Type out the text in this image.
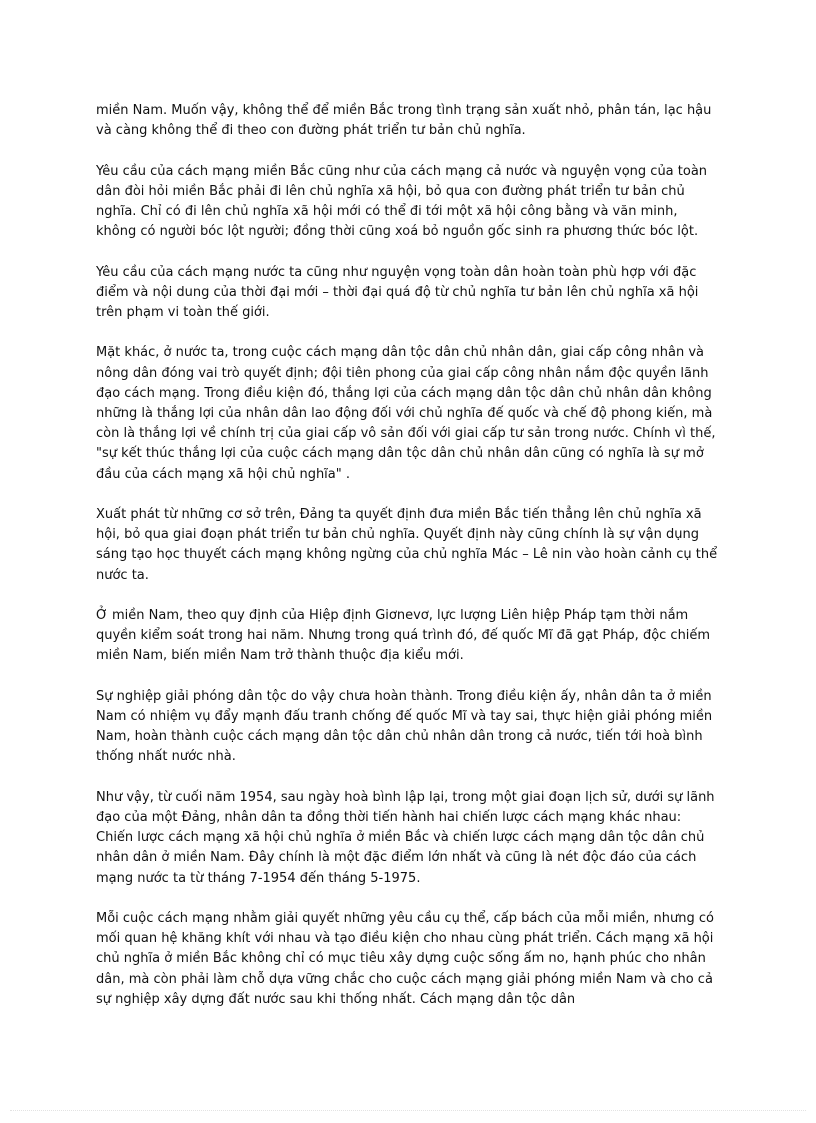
miền Nam. Muốn vậy, không thể để miền Bắc trong tình trạng sản xuất nhỏ, phân tán, lạc hậu và càng không thể đi theo con đường phát triển tư bản chủ nghĩa.

Yêu cầu của cách mạng miền Bắc cũng như của cách mạng cả nước và nguyện vọng của toàn dân đòi hỏi miền Bắc phải đi lên chủ nghĩa xã hội, bỏ qua con đường phát triển tư bản chủ nghĩa. Chỉ có đi lên chủ nghĩa xã hội mới có thể đi tới một xã hội công bằng và văn minh, không có người bóc lột người; đồng thời cũng xoá bỏ nguồn gốc sinh ra phương thức bóc lột.

Yêu cầu của cách mạng nước ta cũng như nguyện vọng toàn dân hoàn toàn phù hợp với đặc điểm và nội dung của thời đại mới – thời đại quá độ từ chủ nghĩa tư bản lên chủ nghĩa xã hội trên phạm vi toàn thế giới.

Mặt khác, ở nước ta, trong cuộc cách mạng dân tộc dân chủ nhân dân, giai cấp công nhân và nông dân đóng vai trò quyết định; đội tiên phong của giai cấp công nhân nắm độc quyền lãnh đạo cách mạng. Trong điều kiện đó, thắng lợi của cách mạng dân tộc dân chủ nhân dân không những là thắng lợi của nhân dân lao động đối với chủ nghĩa đế quốc và chế độ phong kiến, mà còn là thắng lợi về chính trị của giai cấp vô sản đối với giai cấp tư sản trong nước. Chính vì thế, "sự kết thúc thắng lợi của cuộc cách mạng dân tộc dân chủ nhân dân cũng có nghĩa là sự mở đầu của cách mạng xã hội chủ nghĩa" .

Xuất phát từ những cơ sở trên, Đảng ta quyết định đưa miền Bắc tiến thẳng lên chủ nghĩa xã hội, bỏ qua giai đoạn phát triển tư bản chủ nghĩa. Quyết định này cũng chính là sự vận dụng sáng tạo học thuyết cách mạng không ngừng của chủ nghĩa Mác – Lê nin vào hoàn cảnh cụ thể nước ta.

Ở miền Nam, theo quy định của Hiệp định Giơnevơ, lực lượng Liên hiệp Pháp tạm thời nắm quyền kiểm soát trong hai năm. Nhưng trong quá trình đó, đế quốc Mĩ đã gạt Pháp, độc chiếm miền Nam, biến miền Nam trở thành thuộc địa kiểu mới.

Sự nghiệp giải phóng dân tộc do vậy chưa hoàn thành. Trong điều kiện ấy, nhân dân ta ở miền Nam có nhiệm vụ đẩy mạnh đấu tranh chống đế quốc Mĩ và tay sai, thực hiện giải phóng miền Nam, hoàn thành cuộc cách mạng dân tộc dân chủ nhân dân trong cả nước, tiến tới hoà bình thống nhất nước nhà.

Như vậy, từ cuối năm 1954, sau ngày hoà bình lập lại, trong một giai đoạn lịch sử, dưới sự lãnh đạo của một Đảng, nhân dân ta đồng thời tiến hành hai chiến lược cách mạng khác nhau: Chiến lược cách mạng xã hội chủ nghĩa ở miền Bắc và chiến lược cách mạng dân tộc dân chủ nhân dân ở miền Nam. Đây chính là một đặc điểm lớn nhất và cũng là nét độc đáo của cách mạng nước ta từ tháng 7-1954 đến tháng 5-1975.

Mỗi cuộc cách mạng nhằm giải quyết những yêu cầu cụ thể, cấp bách của mỗi miền, nhưng có mối quan hệ khăng khít với nhau và tạo điều kiện cho nhau cùng phát triển. Cách mạng xã hội chủ nghĩa ở miền Bắc không chỉ có mục tiêu xây dựng cuộc sống ấm no, hạnh phúc cho nhân dân, mà còn phải làm chỗ dựa vững chắc cho cuộc cách mạng giải phóng miền Nam và cho cả sự nghiệp xây dựng đất nước sau khi thống nhất. Cách mạng dân tộc dân
